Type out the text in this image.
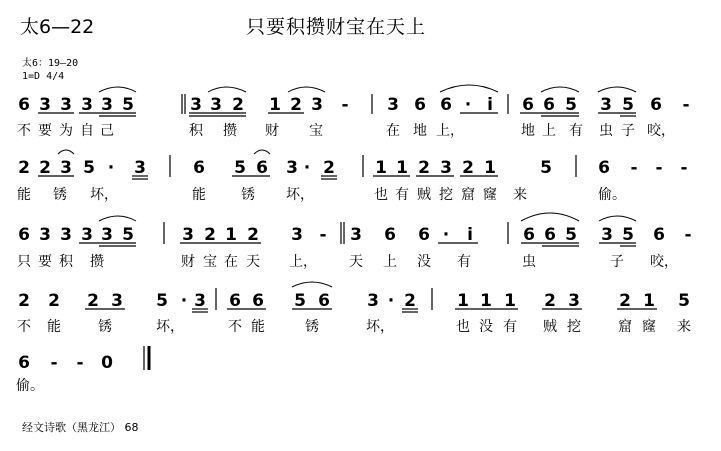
太6—22	只要积攒财宝在天上
太6：19—20
1=D 4/4
6 3 3 3 3 5	3 3 2 1 2 3 - 3 6 6 · i 6 6 5 3 5 6 -
2 2 3 5 · 3	6 5 6 3 · 2 1 1 2 3 2 1	5	6 - - -
6 3 3 3 3 5	3 2 1 2 3 - 3 6 6 · i	6 6 5 3 5 6 -
2 2 2 3 5 · 3 6 6 5 6 3 · 2 1 1 1 2 3 2 1 5
6 - - 0
不 要 为 自 己	积 攒 财 宝	在 地 上，	地 上 有 虫 子 咬，
能 锈 坏，	能	锈 坏，	也 有 贼 挖 窟 窿 来	偷。
只 要 积 攒	财 宝 在 天 上， 天 上 没 有	虫	子 咬，
不 能	锈	坏，	不 能	锈	坏，	也 没 有 贼 挖	窟 窿 来
偷。
经文诗歌（黑龙江） 68
